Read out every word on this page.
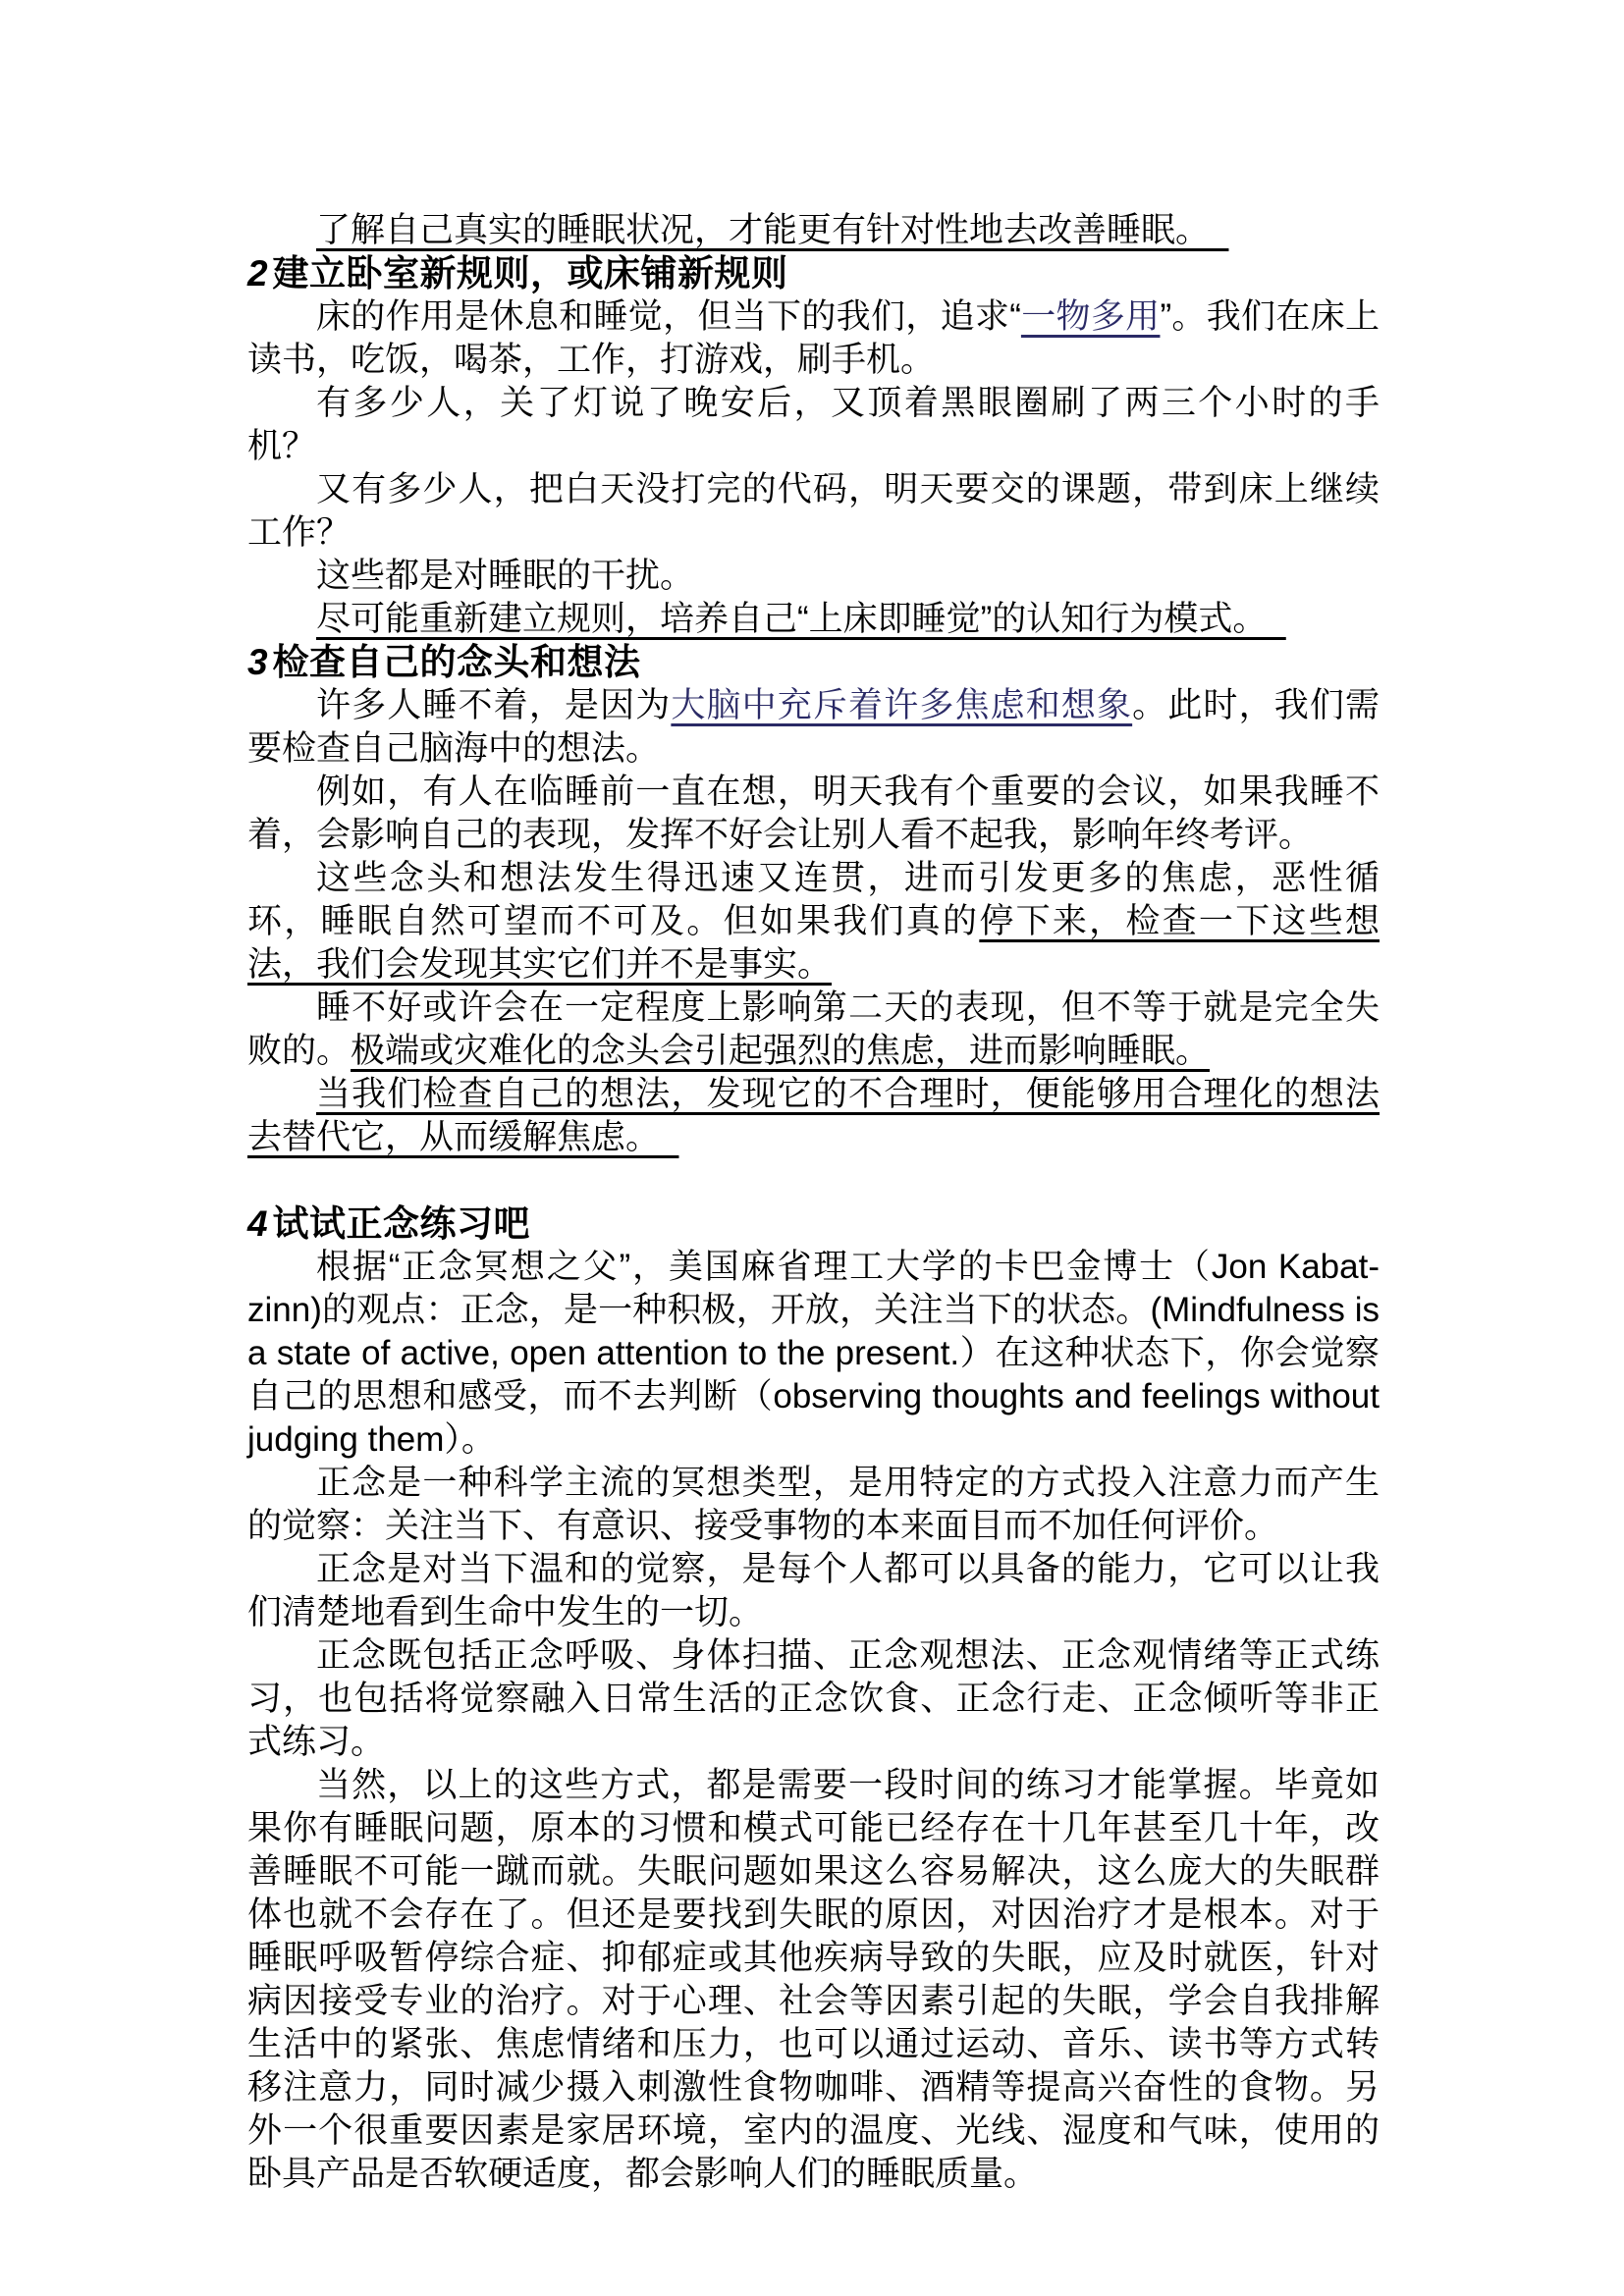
了解自己真实的睡眠状况，才能更有针对性地去改善睡眠。

2 建立卧室新规则，或床铺新规则

床的作用是休息和睡觉，但当下的我们，追求“一物多用”。我们在床上读书，吃饭，喝茶，工作，打游戏，刷手机。

有多少人，关了灯说了晚安后，又顶着黑眼圈刷了两三个小时的手机？

又有多少人，把白天没打完的代码，明天要交的课题，带到床上继续工作？

这些都是对睡眠的干扰。

尽可能重新建立规则，培养自己“上床即睡觉”的认知行为模式。

3 检查自己的念头和想法

许多人睡不着，是因为大脑中充斥着许多焦虑和想象。此时，我们需要检查自己脑海中的想法。

例如，有人在临睡前一直在想，明天我有个重要的会议，如果我睡不着，会影响自己的表现，发挥不好会让别人看不起我，影响年终考评。

这些念头和想法发生得迅速又连贯，进而引发更多的焦虑，恶性循环，睡眠自然可望而不可及。但如果我们真的停下来，检查一下这些想法，我们会发现其实它们并不是事实。

睡不好或许会在一定程度上影响第二天的表现，但不等于就是完全失败的。极端或灾难化的念头会引起强烈的焦虑，进而影响睡眠。

当我们检查自己的想法，发现它的不合理时，便能够用合理化的想法去替代它，从而缓解焦虑。

4 试试正念练习吧

根据“正念冥想之父”，美国麻省理工大学的卡巴金博士（Jon Kabat-zinn)的观点：正念，是一种积极，开放，关注当下的状态。(Mindfulness is a state of active, open attention to the present.）在这种状态下，你会觉察自己的思想和感受，而不去判断（observing thoughts and feelings without judging them）。

正念是一种科学主流的冥想类型，是用特定的方式投入注意力而产生的觉察：关注当下、有意识、接受事物的本来面目而不加任何评价。

正念是对当下温和的觉察，是每个人都可以具备的能力，它可以让我们清楚地看到生命中发生的一切。

正念既包括正念呼吸、身体扫描、正念观想法、正念观情绪等正式练习，也包括将觉察融入日常生活的正念饮食、正念行走、正念倾听等非正式练习。

当然，以上的这些方式，都是需要一段时间的练习才能掌握。毕竟如果你有睡眠问题，原本的习惯和模式可能已经存在十几年甚至几十年，改善睡眠不可能一蹴而就。失眠问题如果这么容易解决，这么庞大的失眠群体也就不会存在了。但还是要找到失眠的原因，对因治疗才是根本。对于睡眠呼吸暂停综合症、抑郁症或其他疾病导致的失眠，应及时就医，针对病因接受专业的治疗。对于心理、社会等因素引起的失眠，学会自我排解生活中的紧张、焦虑情绪和压力，也可以通过运动、音乐、读书等方式转移注意力，同时减少摄入刺激性食物咖啡、酒精等提高兴奋性的食物。另外一个很重要因素是家居环境，室内的温度、光线、湿度和气味，使用的卧具产品是否软硬适度，都会影响人们的睡眠质量。
